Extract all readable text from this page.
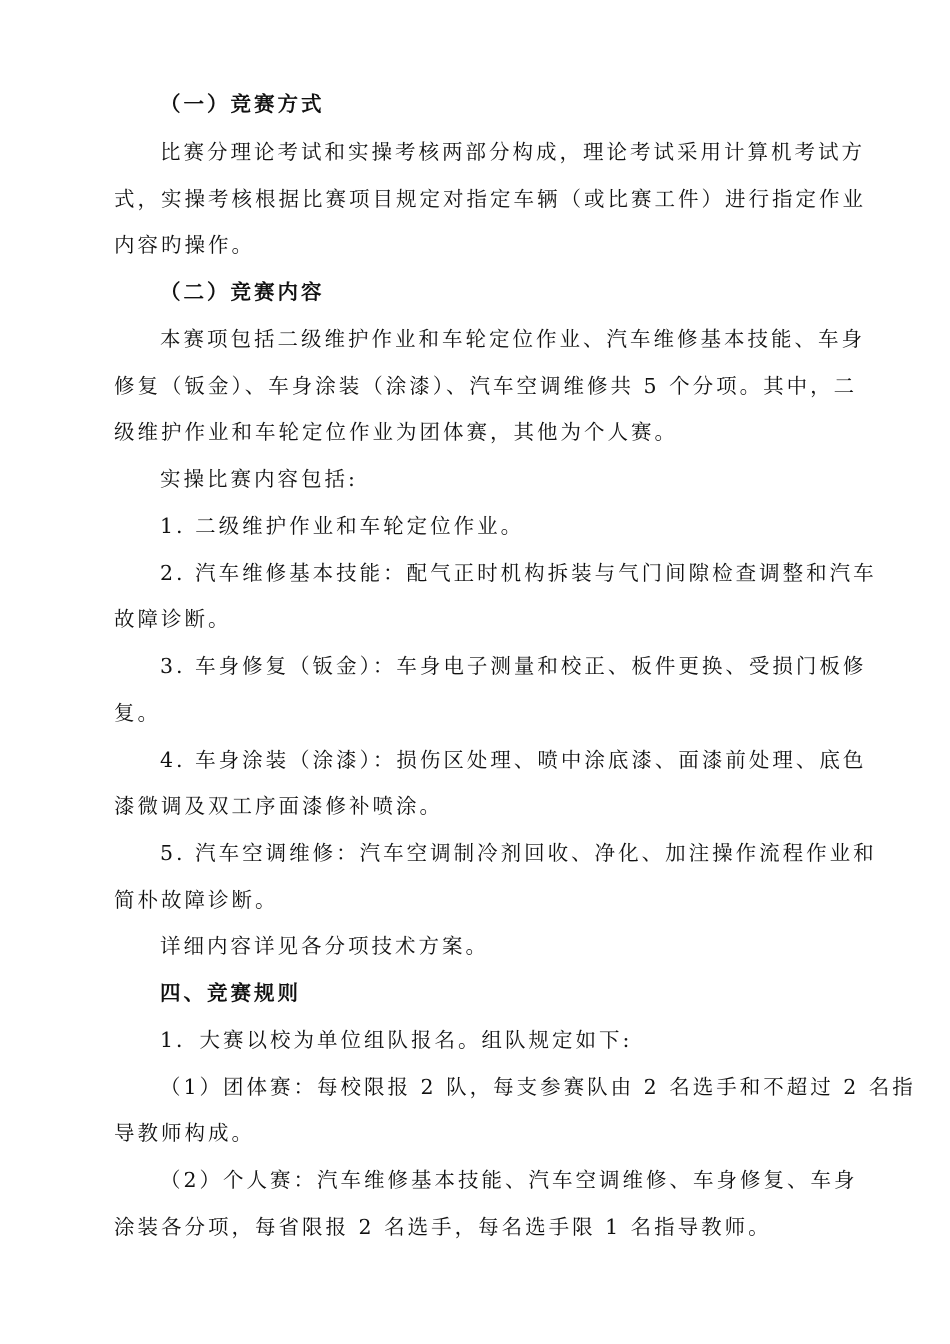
（一）竞赛方式
比赛分理论考试和实操考核两部分构成，理论考试采用计算机考试方
式，实操考核根据比赛项目规定对指定车辆（或比赛工件）进行指定作业
内容旳操作。
（二）竞赛内容
本赛项包括二级维护作业和车轮定位作业、汽车维修基本技能、车身
修复（钣金）、车身涂装（涂漆）、汽车空调维修共 5 个分项。其中，二
级维护作业和车轮定位作业为团体赛，其他为个人赛。
实操比赛内容包括:
1. 二级维护作业和车轮定位作业。
2. 汽车维修基本技能：配气正时机构拆装与气门间隙检查调整和汽车
故障诊断。
3. 车身修复（钣金）：车身电子测量和校正、板件更换、受损门板修
复。
4. 车身涂装（涂漆）：损伤区处理、喷中涂底漆、面漆前处理、底色
漆微调及双工序面漆修补喷涂。
5. 汽车空调维修：汽车空调制冷剂回收、净化、加注操作流程作业和
简朴故障诊断。
详细内容详见各分项技术方案。
四、竞赛规则
1．大赛以校为单位组队报名。组队规定如下:
（1）团体赛：每校限报 2 队，每支参赛队由 2 名选手和不超过 2 名指
导教师构成。
（2）个人赛：汽车维修基本技能、汽车空调维修、车身修复、车身
涂装各分项，每省限报 2 名选手，每名选手限 1 名指导教师。
